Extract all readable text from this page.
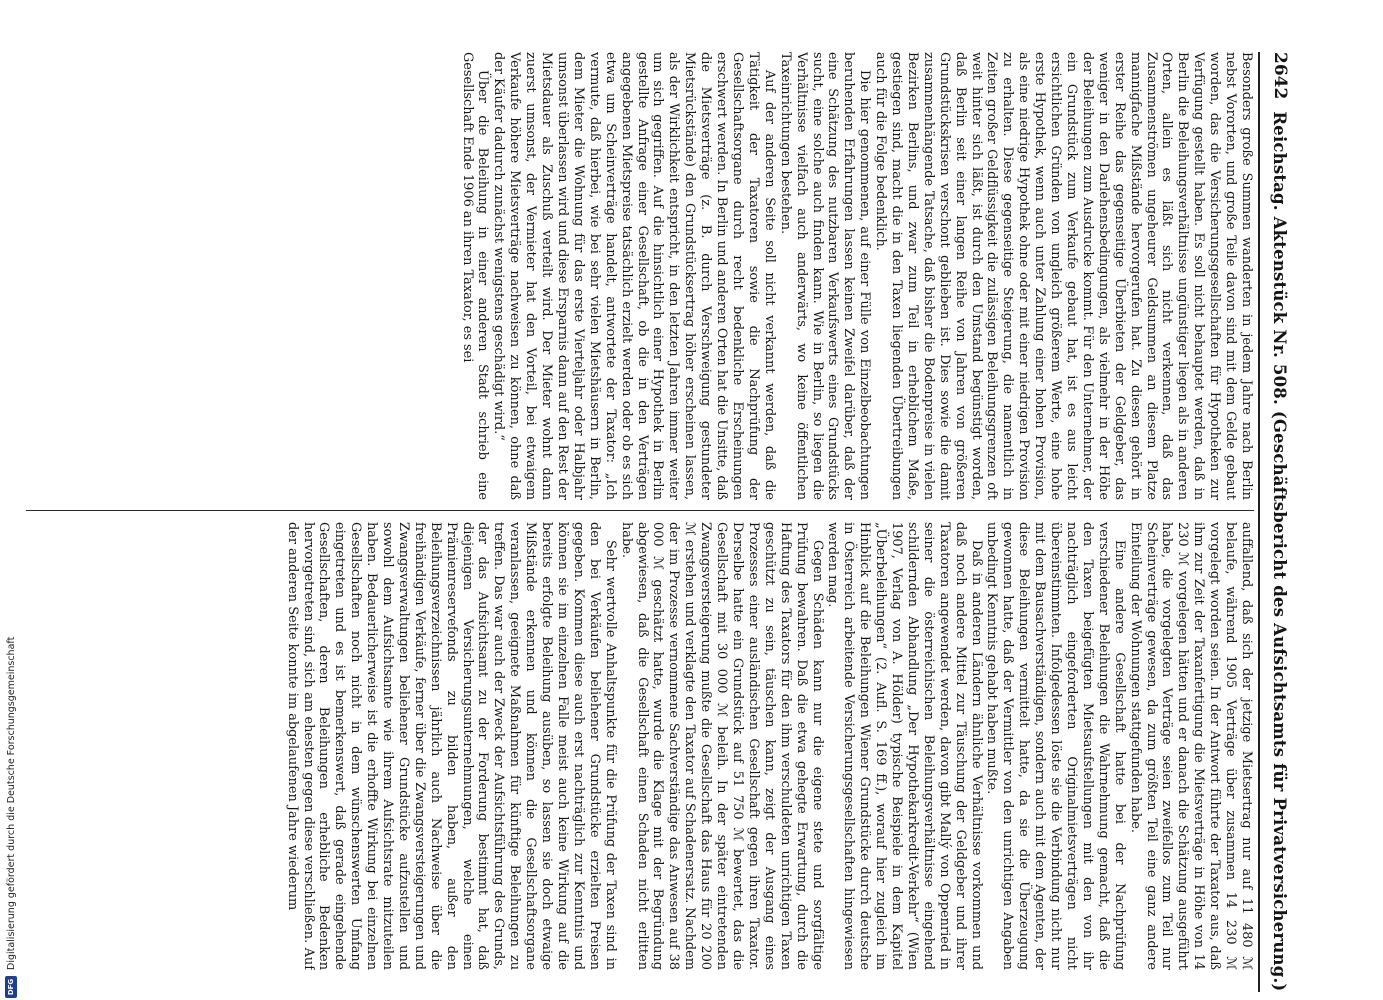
2642
Reichstag. Aktenstück Nr. 508. (Geschäftsbericht des Aufsichtsamts für Privatversicherung.)

Besonders große Summen wanderten in jedem Jahre nach Berlin nebst Vororten, und große Teile davon sind mit dem Gelde gebaut worden, das die Versicherungsgesellschaften für Hypotheken zur Verfügung gestellt haben. Es soll nicht behauptet werden, daß in Berlin die Beleihungsverhältnisse ungünstiger liegen als in anderen Orten, allein es läßt sich nicht verkennen, daß das Zusammenströmen ungeheurer Geldsummen an diesem Platze mannigfache Mißstände hervorgerufen hat. Zu diesen gehört in erster Reihe das gegenseitige Überbieten der Geldgeber, das weniger in den Darlehensbedingungen, als vielmehr in der Höhe der Beleihungen zum Ausdrucke kommt. Für den Unternehmer, der ein Grundstück zum Verkaufe gebaut hat, ist es aus leicht ersichtlichen Gründen von ungleich größerem Werte, eine hohe erste Hypothek, wenn auch unter Zahlung einer hohen Provision, als eine niedrige Hypothek ohne oder mit einer niedrigen Provision zu erhalten. Diese gegenseitige Steigerung, die namentlich in Zeiten großer Geldflüssigkeit die zulässigen Beleihungsgrenzen oft weit hinter sich läßt, ist durch den Umstand begünstigt worden, daß Berlin seit einer langen Reihe von Jahren von größeren Grundstückskrisen verschont geblieben ist. Dies sowie die damit zusammenhängende Tatsache, daß bisher die Bodenpreise in vielen Bezirken Berlins, und zwar zum Teil in erheblichem Maße, gestiegen sind, macht die in den Taxen liegenden Übertreibungen auch für die Folge bedenklich.

Die hier genommenen, auf einer Fülle von Einzelbeobachtungen beruhenden Erfahrungen lassen keinen Zweifel darüber, daß der eine Schätzung des nutzbaren Verkaufswerts eines Grundstücks sucht, eine solche auch finden kann. Wie in Berlin, so liegen die Verhältnisse vielfach auch anderwärts, wo keine öffentlichen Taxeinrichtungen bestehen.

Auf der anderen Seite soll nicht verkannt werden, daß die Tätigkeit der Taxatoren sowie die Nachprüfung der Gesellschaftsorgane durch recht bedenkliche Erscheinungen erschwert werden. In Berlin und anderen Orten hat die Unsitte, daß die Mietsverträge (z. B. durch Verschweigung gestundeter Mietsrückstände) den Grundstücksertrag höher erscheinen lassen, als der Wirklichkeit entspricht, in den letzten Jahren immer weiter um sich gegriffen. Auf die hinsichtlich einer Hypothek in Berlin gestellte Anfrage einer Gesellschaft, ob die in den Verträgen angegebenen Mietspreise tatsächlich erzielt werden oder ob es sich etwa um Scheinverträge handelt, antwortete der Taxator: „Ich vermute, daß hierbei, wie bei sehr vielen Mietshäusern in Berlin, dem Mieter die Wohnung für das erste Vierteljahr oder Halbjahr umsonst überlassen wird und diese Ersparnis dann auf den Rest der Mietsdauer als Zuschuß verteilt wird. Der Mieter wohnt dann zuerst umsonst, der Vermieter hat den Vorteil, bei etwaigem Verkaufe höhere Mietsverträge nachweisen zu können, ohne daß der Käufer dadurch zunächst wenigstens geschädigt wird.“

Über die Beleihung in einer anderen Stadt schrieb eine Gesellschaft Ende 1906 an ihren Taxator, es sei

auffallend, daß sich der jetzige Mietsertrag nur auf 11 480 ℳ belaufe, während 1905 Verträge über zusammen 14 230 ℳ vorgelegt worden seien. In der Antwort führte der Taxator aus, daß ihm zur Zeit der Taxanfertigung die Mietsverträge in Höhe von 14 230 ℳ vorgelegen hätten und er danach die Schätzung ausgeführt habe, die vorgelegten Verträge seien zweifellos zum Teil nur Scheinverträge gewesen, da zum größten Teil eine ganz andere Einteilung der Wohnungen stattgefunden habe.

Eine andere Gesellschaft hatte bei der Nachprüfung verschiedener Beleihungen die Wahrnehmung gemacht, daß die den Taxen beigefügten Mietsaufstellungen mit den von ihr nachträglich eingeforderten Originalmietsverträgen nicht übereinstimmten. Infolgedessen löste sie die Verbindung nicht nur mit dem Bausachverständigen, sondern auch mit dem Agenten, der diese Beleihungen vermittelt hatte, da sie die Überzeugung gewonnen hatte, daß der Vermittler von den unrichtigen Angaben unbedingt Kenntnis gehabt haben mußte.

Daß in anderen Ländern ähnliche Verhältnisse vorkommen und daß noch andere Mittel zur Täuschung der Geldgeber und ihrer Taxatoren angewendet werden, davon gibt Mallý von Oppenried in seiner die österreichischen Beleihungsverhältnisse eingehend schildernden Abhandlung „Der Hypothekarkredit-Verkehr“ (Wien 1907, Verlag von A. Hölder) typische Beispiele in dem Kapitel „Überbeleihungen“ (2. Aufl. S. 169 ff.), worauf hier zugleich im Hinblick auf die Beleihungen Wiener Grundstücke durch deutsche in Österreich arbeitende Versicherungsgesellschaften hingewiesen werden mag.

Gegen Schäden kann nur die eigene stete und sorgfältige Prüfung bewahren. Daß die etwa gehegte Erwartung, durch die Haftung des Taxators für den ihm verschuldeten unrichtigen Taxen geschützt zu sein, täuschen kann, zeigt der Ausgang eines Prozesses einer ausländischen Gesellschaft gegen ihren Taxator. Derselbe hatte ein Grundstück auf 51 750 ℳ bewertet, das die Gesellschaft mit 30 000 ℳ beleih. In der später eintretenden Zwangsversteigerung mußte die Gesellschaft das Haus für 20 200 ℳ erstehen und verklagte den Taxator auf Schadenersatz. Nachdem der im Prozesse vernommene Sachverständige das Anwesen auf 38 000 ℳ geschätzt hatte, wurde die Klage mit der Begründung abgewiesen, daß die Gesellschaft einen Schaden nicht erlitten habe.

Sehr wertvolle Anhaltspunkte für die Prüfung der Taxen sind in den bei Verkäufen beliehener Grundstücke erzielten Preisen gegeben. Kommen diese auch erst nachträglich zur Kenntnis und können sie im einzelnen Falle meist auch keine Wirkung auf die bereits erfolgte Beleihung ausüben, so lassen sie doch etwaige Mißstände erkennen und können die Gesellschaftsorgane veranlassen, geeignete Maßnahmen für künftige Beleihungen zu treffen. Das war auch der Zweck der Aufsichtsführung des Grunds, der das Aufsichtsamt zu der Forderung bestimmt hat, daß diejenigen Versicherungsunternehmungen, welche einen Prämienreservefonds zu bilden haben, außer den Beleihungsverzeichnissen jährlich auch Nachweise über die freihändigen Verkäufe, ferner über die Zwangsversteigerungen und Zwangsverwaltungen beliehener Grundstücke aufzustellen und sowohl dem Aufsichtsamte wie ihrem Aufsichtsrate mitzuteilen haben. Bedauerlicherweise ist die erhoffte Wirkung bei einzelnen Gesellschaften noch nicht in dem wünschenswerten Umfang eingetreten und es ist bemerkenswert, daß gerade eingehende Gesellschaften, deren Beleihungen erhebliche Bedenken hervorgetreten sind, sich am ehesten gegen diese verschließen. Auf der anderen Seite konnte im abgelaufenen Jahre wiederum

DFG
Digitalisierung gefördert durch die Deutsche Forschungsgemeinschaft
